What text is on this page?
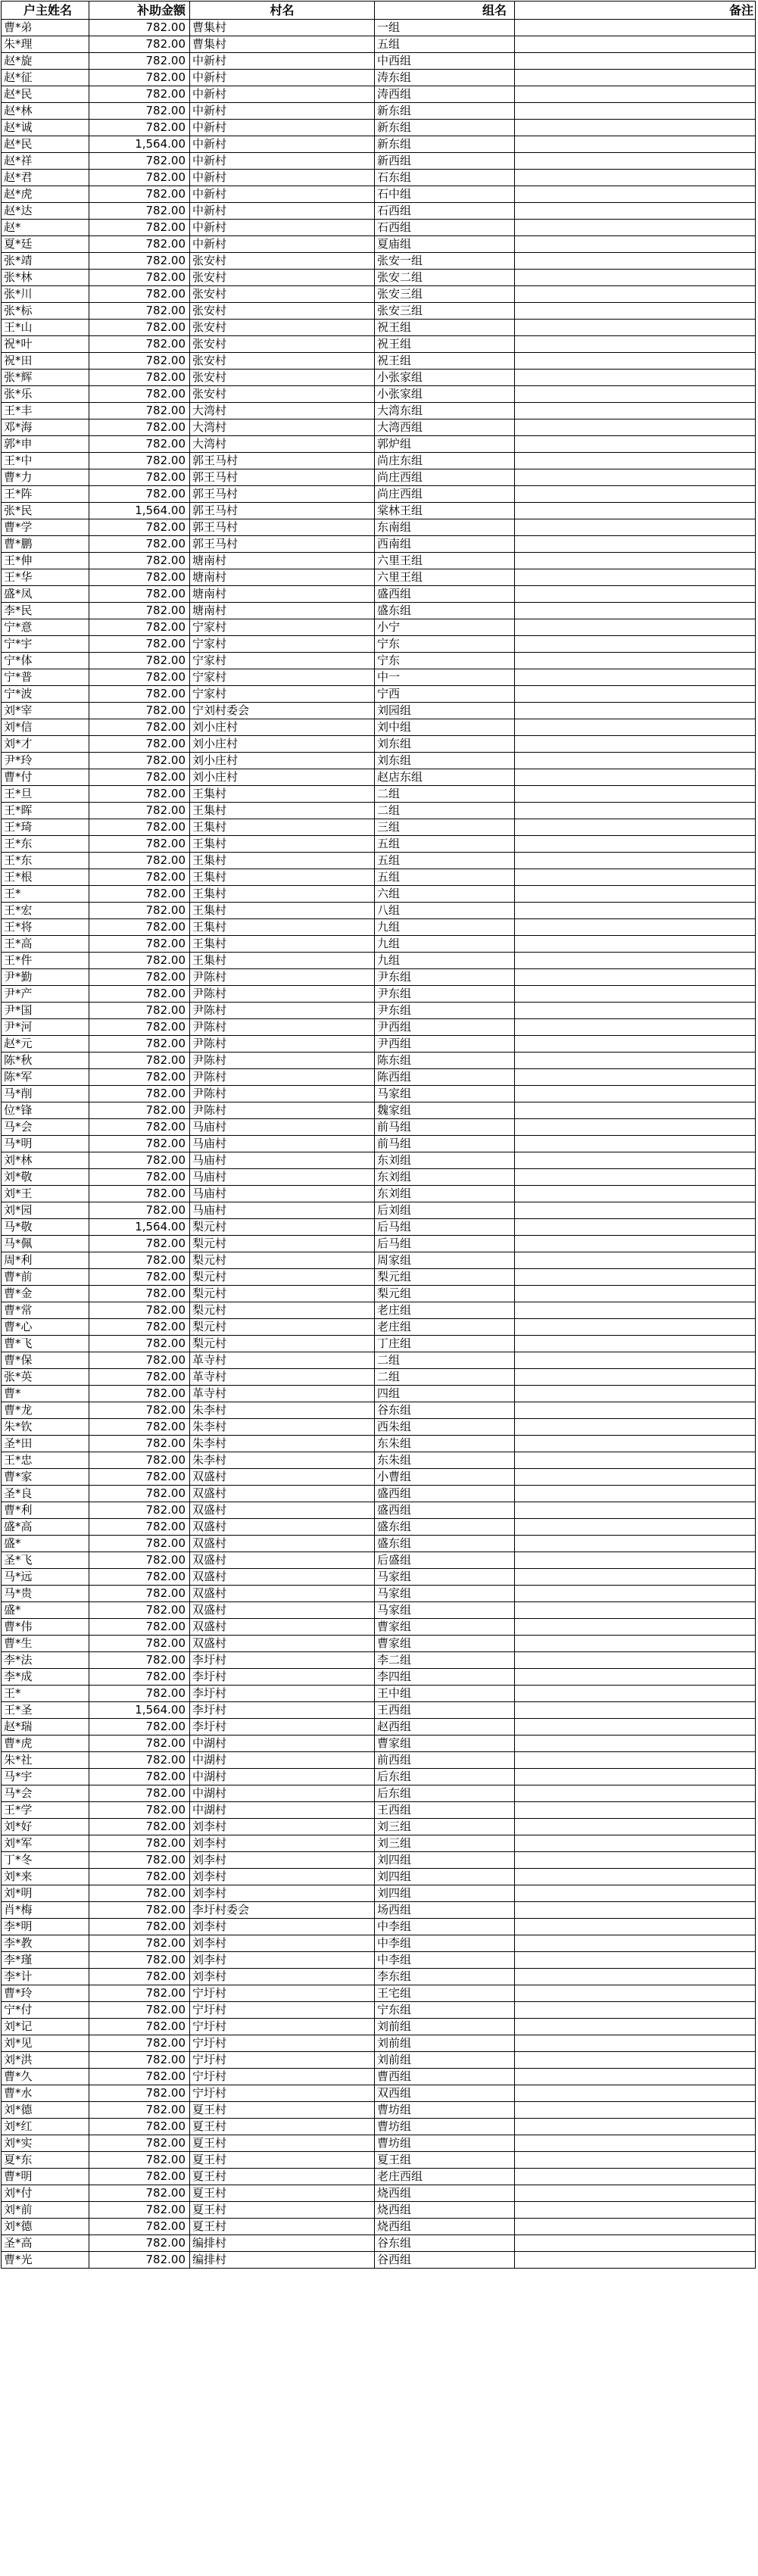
户主姓名	补助金额	村名	组名	备注
曹*弟	782.00	曹集村	一组	
朱*理	782.00	曹集村	五组	
赵*旋	782.00	中新村	中西组	
赵*征	782.00	中新村	涛东组	
赵*民	782.00	中新村	涛西组	
赵*林	782.00	中新村	新东组	
赵*诚	782.00	中新村	新东组	
赵*民	1,564.00	中新村	新东组	
赵*祥	782.00	中新村	新西组	
赵*君	782.00	中新村	石东组	
赵*虎	782.00	中新村	石中组	
赵*达	782.00	中新村	石西组	
赵*	782.00	中新村	石西组	
夏*廷	782.00	中新村	夏庙组	
张*靖	782.00	张安村	张安一组	
张*林	782.00	张安村	张安二组	
张*川	782.00	张安村	张安三组	
张*标	782.00	张安村	张安三组	
王*山	782.00	张安村	祝王组	
祝*叶	782.00	张安村	祝王组	
祝*田	782.00	张安村	祝王组	
张*辉	782.00	张安村	小张家组	
张*乐	782.00	张安村	小张家组	
王*丰	782.00	大湾村	大湾东组	
邓*海	782.00	大湾村	大湾西组	
郭*申	782.00	大湾村	郭炉组	
王*中	782.00	郭王马村	尚庄东组	
曹*力	782.00	郭王马村	尚庄西组	
王*阵	782.00	郭王马村	尚庄西组	
张*民	1,564.00	郭王马村	棠林王组	
曹*学	782.00	郭王马村	东南组	
曹*鹏	782.00	郭王马村	西南组	
王*伸	782.00	塘南村	六里王组	
王*华	782.00	塘南村	六里王组	
盛*凤	782.00	塘南村	盛西组	
李*民	782.00	塘南村	盛东组	
宁*意	782.00	宁家村	小宁	
宁*宇	782.00	宁家村	宁东	
宁*体	782.00	宁家村	宁东	
宁*普	782.00	宁家村	中一	
宁*波	782.00	宁家村	宁西	
刘*宰	782.00	宁刘村委会	刘园组	
刘*信	782.00	刘小庄村	刘中组	
刘*才	782.00	刘小庄村	刘东组	
尹*玲	782.00	刘小庄村	刘东组	
曹*付	782.00	刘小庄村	赵店东组	
王*旦	782.00	王集村	二组	
王*晖	782.00	王集村	二组	
王*琦	782.00	王集村	三组	
王*东	782.00	王集村	五组	
王*东	782.00	王集村	五组	
王*根	782.00	王集村	五组	
王*	782.00	王集村	六组	
王*宏	782.00	王集村	八组	
王*将	782.00	王集村	九组	
王*高	782.00	王集村	九组	
王*件	782.00	王集村	九组	
尹*勤	782.00	尹陈村	尹东组	
尹*产	782.00	尹陈村	尹东组	
尹*国	782.00	尹陈村	尹东组	
尹*河	782.00	尹陈村	尹西组	
赵*元	782.00	尹陈村	尹西组	
陈*秋	782.00	尹陈村	陈东组	
陈*军	782.00	尹陈村	陈西组	
马*削	782.00	尹陈村	马家组	
位*锋	782.00	尹陈村	魏家组	
马*会	782.00	马庙村	前马组	
马*明	782.00	马庙村	前马组	
刘*林	782.00	马庙村	东刘组	
刘*敬	782.00	马庙村	东刘组	
刘*王	782.00	马庙村	东刘组	
刘*园	782.00	马庙村	后刘组	
马*敬	1,564.00	梨元村	后马组	
马*佩	782.00	梨元村	后马组	
周*利	782.00	梨元村	周家组	
曹*前	782.00	梨元村	梨元组	
曹*金	782.00	梨元村	梨元组	
曹*常	782.00	梨元村	老庄组	
曹*心	782.00	梨元村	老庄组	
曹*飞	782.00	梨元村	丁庄组	
曹*保	782.00	革寺村	二组	
张*英	782.00	革寺村	二组	
曹*	782.00	革寺村	四组	
曹*龙	782.00	朱李村	谷东组	
朱*钦	782.00	朱李村	西朱组	
圣*田	782.00	朱李村	东朱组	
王*忠	782.00	朱李村	东朱组	
曹*家	782.00	双盛村	小曹组	
圣*良	782.00	双盛村	盛西组	
曹*利	782.00	双盛村	盛西组	
盛*高	782.00	双盛村	盛东组	
盛*	782.00	双盛村	盛东组	
圣*飞	782.00	双盛村	后盛组	
马*远	782.00	双盛村	马家组	
马*贵	782.00	双盛村	马家组	
盛*	782.00	双盛村	马家组	
曹*伟	782.00	双盛村	曹家组	
曹*生	782.00	双盛村	曹家组	
李*法	782.00	李圩村	李二组	
李*成	782.00	李圩村	李四组	
王*	782.00	李圩村	王中组	
王*圣	1,564.00	李圩村	王西组	
赵*瑞	782.00	李圩村	赵西组	
曹*虎	782.00	中湖村	曹家组	
朱*社	782.00	中湖村	前西组	
马*宇	782.00	中湖村	后东组	
马*会	782.00	中湖村	后东组	
王*学	782.00	中湖村	王西组	
刘*好	782.00	刘李村	刘三组	
刘*军	782.00	刘李村	刘三组	
丁*冬	782.00	刘李村	刘四组	
刘*来	782.00	刘李村	刘四组	
刘*明	782.00	刘李村	刘四组	
肖*梅	782.00	李圩村委会	场西组	
李*明	782.00	刘李村	中李组	
李*教	782.00	刘李村	中李组	
李*瑾	782.00	刘李村	中李组	
李*计	782.00	刘李村	李东组	
曹*玲	782.00	宁圩村	王宅组	
宁*付	782.00	宁圩村	宁东组	
刘*记	782.00	宁圩村	刘前组	
刘*见	782.00	宁圩村	刘前组	
刘*洪	782.00	宁圩村	刘前组	
曹*久	782.00	宁圩村	曹西组	
曹*水	782.00	宁圩村	双西组	
刘*德	782.00	夏王村	曹坊组	
刘*红	782.00	夏王村	曹坊组	
刘*实	782.00	夏王村	曹坊组	
夏*东	782.00	夏王村	夏王组	
曹*明	782.00	夏王村	老庄西组	
刘*付	782.00	夏王村	烧西组	
刘*前	782.00	夏王村	烧西组	
刘*德	782.00	夏王村	烧西组	
圣*高	782.00	编排村	谷东组	
曹*光	782.00	编排村	谷西组	
